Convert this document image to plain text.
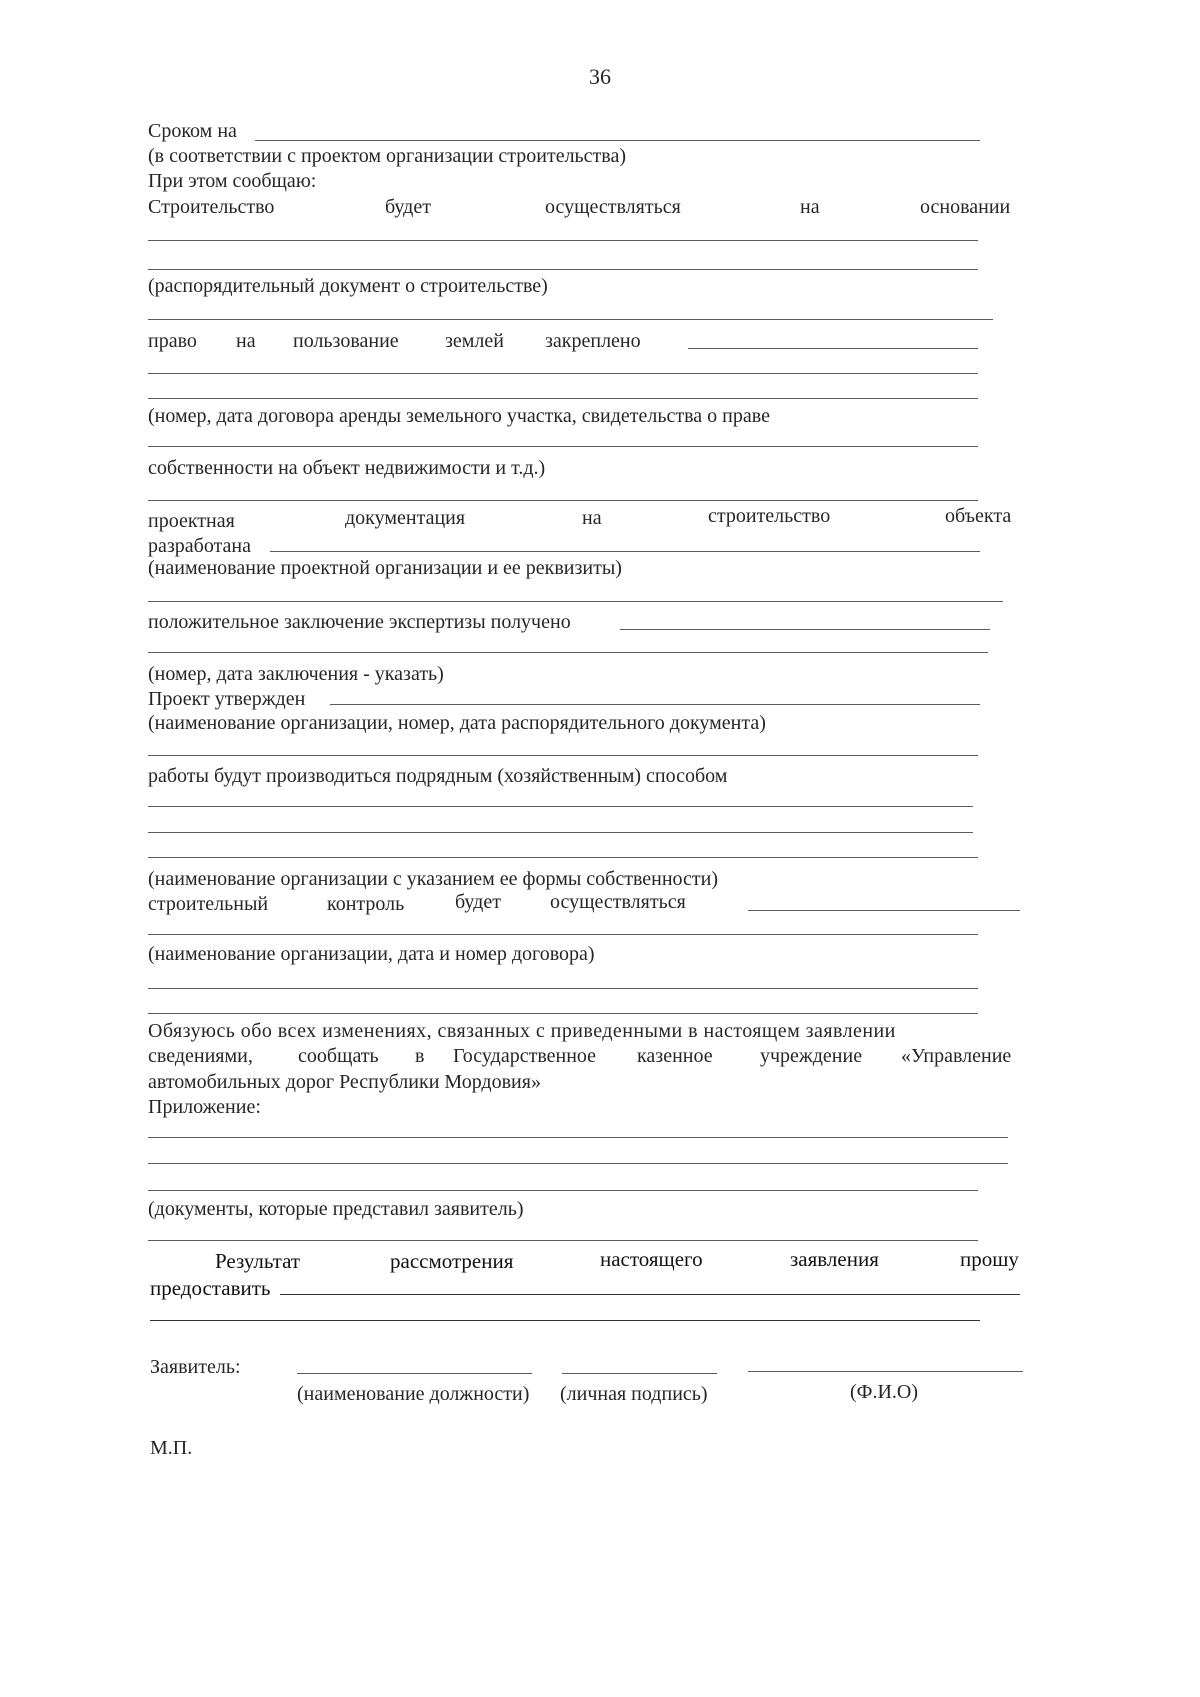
36
Сроком на
(в соответствии с проектом организации строительства)
При этом сообщаю:
Строительство	будет	осуществляться	на	основании
(распорядительный документ о строительстве)
право на пользование землей закреплено
(номер, дата договора аренды земельного участка, свидетельства о праве
собственности на объект недвижимости и т.д.)
проектная	документация	на	строительство	объекта
разработана
(наименование проектной организации и ее реквизиты)
положительное заключение экспертизы получено
(номер, дата заключения - указать)
Проект утвержден
(наименование организации, номер, дата распорядительного документа)
работы будут производиться подрядным (хозяйственным) способом
(наименование организации с указанием ее формы собственности)
строительный	контроль	будет осуществляться
(наименование организации, дата и номер договора)
Обязуюсь обо всех изменениях, связанных с приведенными в настоящем заявлении
сведениями, сообщать в Государственное казенное учреждение «Управление
автомобильных дорог Республики Мордовия»
Приложение:
(документы, которые представил заявитель)
Результат	рассмотрения	настоящего	заявления	прошу
предоставить
Заявитель:
(наименование должности) (личная подпись)	(Ф.И.О)
М.П.
